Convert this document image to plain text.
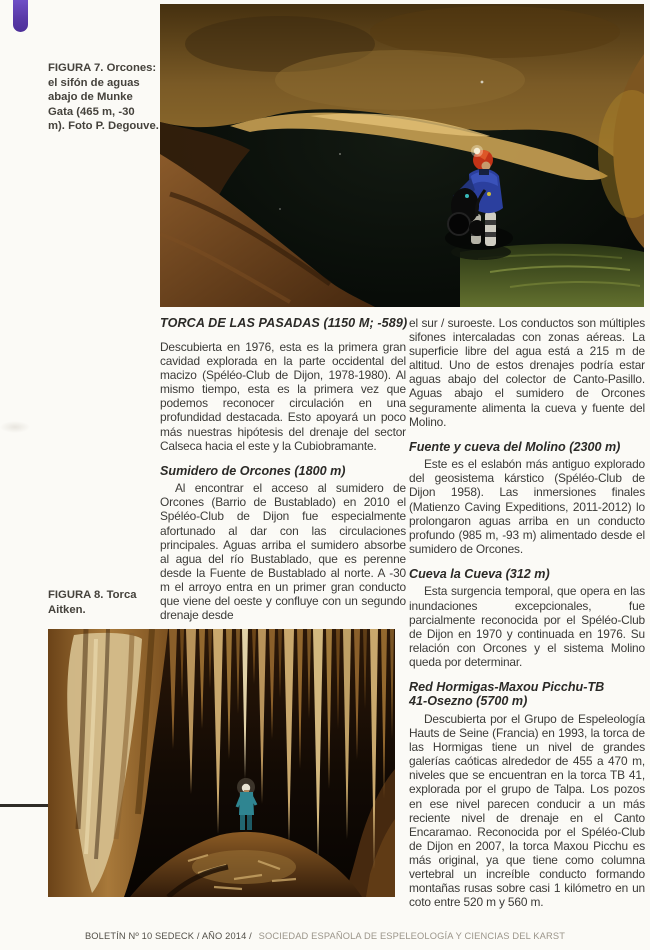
FIGURA 7. Orcones:
el sifón de aguas
abajo de Munke
Gata (465 m, -30
m). Foto P. Degouve.
TORCA DE LAS PASADAS (1150 M; -589)

Descubierta en 1976, esta es la primera gran cavidad explorada en la parte occidental del macizo (Spéléo-Club de Dijon, 1978-1980). Al mismo tiempo, esta es la primera vez que podemos reconocer circulación en una profundidad destacada. Esto apoyará un poco más nuestras hipótesis del drenaje del sector Calseca hacia el este y la Cubiobramante.

Sumidero de Orcones (1800 m)

Al encontrar el acceso al sumidero de Orcones (Barrio de Bustablado) en 2010 el Spéléo-Club de Dijon fue especialmente afortunado al dar con las circulaciones principales. Aguas arriba el sumidero absorbe al agua del río Bustablado, que es perenne desde la Fuente de Bustablado al norte. A -30 m el arroyo entra en un primer gran conducto que viene del oeste y confluye con un segundo drenaje desde

el sur / suroeste. Los conductos son múltiples sifones intercaladas con zonas aéreas. La superficie libre del agua está a 215 m de altitud. Uno de estos drenajes podría estar aguas abajo del colector de Canto-Pasillo. Aguas abajo el sumidero de Orcones seguramente alimenta la cueva y fuente del Molino.

Fuente y cueva del Molino (2300 m)

Este es el eslabón más antiguo explorado del geosistema kárstico (Spéléo-Club de Dijon 1958). Las inmersiones finales (Matienzo Caving Expeditions, 2011-2012) lo prolongaron aguas arriba en un conducto profundo (985 m, -93 m) alimentado desde el sumidero de Orcones.

Cueva la Cueva (312 m)

Esta surgencia temporal, que opera en las inundaciones excepcionales, fue parcialmente reconocida por el Spéléo-Club de Dijon en 1970 y continuada en 1976. Su relación con Orcones y el sistema Molino queda por determinar.

Red Hormigas-Maxou Picchu-TB
41-Osezno (5700 m)

Descubierta por el Grupo de Espeleología Hauts de Seine (Francia) en 1993, la torca de las Hormigas tiene un nivel de grandes galerías caóticas alrededor de 455 a 470 m, niveles que se encuentran en la torca TB 41, explorada por el grupo de Talpa. Los pozos en ese nivel parecen conducir a un más reciente nivel de drenaje en el Canto Encaramao. Reconocida por el Spéléo-Club de Dijon en 2007, la torca Maxou Picchu es más original, ya que tiene como columna vertebral un increíble conducto formando montañas rusas sobre casi 1 kilómetro en un coto entre 520 m y 560 m.

FIGURA 8. Torca
Aitken.
BOLETÍN Nº 10 SEDECK / AÑO 2014 / SOCIEDAD ESPAÑOLA DE ESPELEOLOGÍA Y CIENCIAS DEL KARST
